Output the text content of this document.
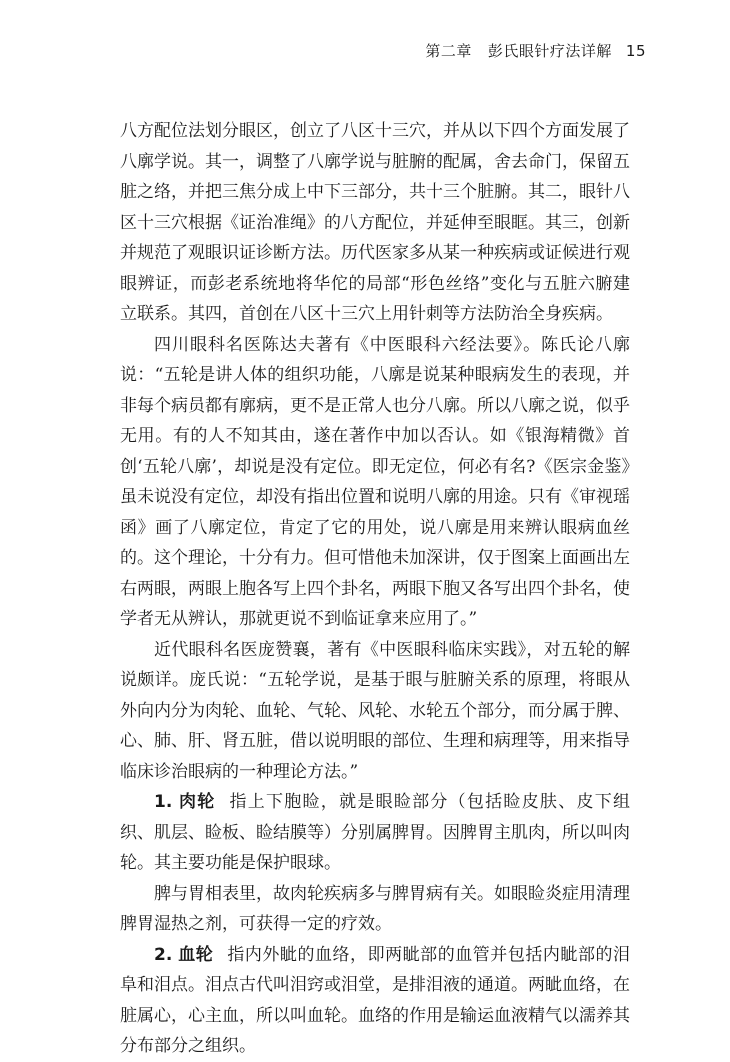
第二章 彭氏眼针疗法详解 15

八方配位法划分眼区，创立了八区十三穴，并从以下四个方面发展了八廓学说。其一，调整了八廓学说与脏腑的配属，舍去命门，保留五脏之络，并把三焦分成上中下三部分，共十三个脏腑。其二，眼针八区十三穴根据《证治准绳》的八方配位，并延伸至眼眶。其三，创新并规范了观眼识证诊断方法。历代医家多从某一种疾病或证候进行观眼辨证，而彭老系统地将华佗的局部“形色丝络”变化与五脏六腑建立联系。其四，首创在八区十三穴上用针刺等方法防治全身疾病。

四川眼科名医陈达夫著有《中医眼科六经法要》。陈氏论八廓说：“五轮是讲人体的组织功能，八廓是说某种眼病发生的表现，并非每个病员都有廓病，更不是正常人也分八廓。所以八廓之说，似乎无用。有的人不知其由，遂在著作中加以否认。如《银海精微》首创‘五轮八廓’，却说是没有定位。即无定位，何必有名?《医宗金鉴》虽未说没有定位，却没有指出位置和说明八廓的用途。只有《审视瑶函》画了八廓定位，肯定了它的用处，说八廓是用来辨认眼病血丝的。这个理论，十分有力。但可惜他未加深讲，仅于图案上面画出左右两眼，两眼上胞各写上四个卦名，两眼下胞又各写出四个卦名，使学者无从辨认，那就更说不到临证拿来应用了。”

近代眼科名医庞赞襄，著有《中医眼科临床实践》，对五轮的解说颇详。庞氏说：“五轮学说，是基于眼与脏腑关系的原理，将眼从外向内分为肉轮、血轮、气轮、风轮、水轮五个部分，而分属于脾、心、肺、肝、肾五脏，借以说明眼的部位、生理和病理等，用来指导临床诊治眼病的一种理论方法。”

1. 肉轮 指上下胞睑，就是眼睑部分（包括睑皮肤、皮下组织、肌层、睑板、睑结膜等）分别属脾胃。因脾胃主肌肉，所以叫肉轮。其主要功能是保护眼球。

脾与胃相表里，故肉轮疾病多与脾胃病有关。如眼睑炎症用清理脾胃湿热之剂，可获得一定的疗效。

2. 血轮 指内外眦的血络，即两眦部的血管并包括内眦部的泪阜和泪点。泪点古代叫泪窍或泪堂，是排泪液的通道。两眦血络，在脏属心，心主血，所以叫血轮。血络的作用是输运血液精气以濡养其分布部分之组织。
